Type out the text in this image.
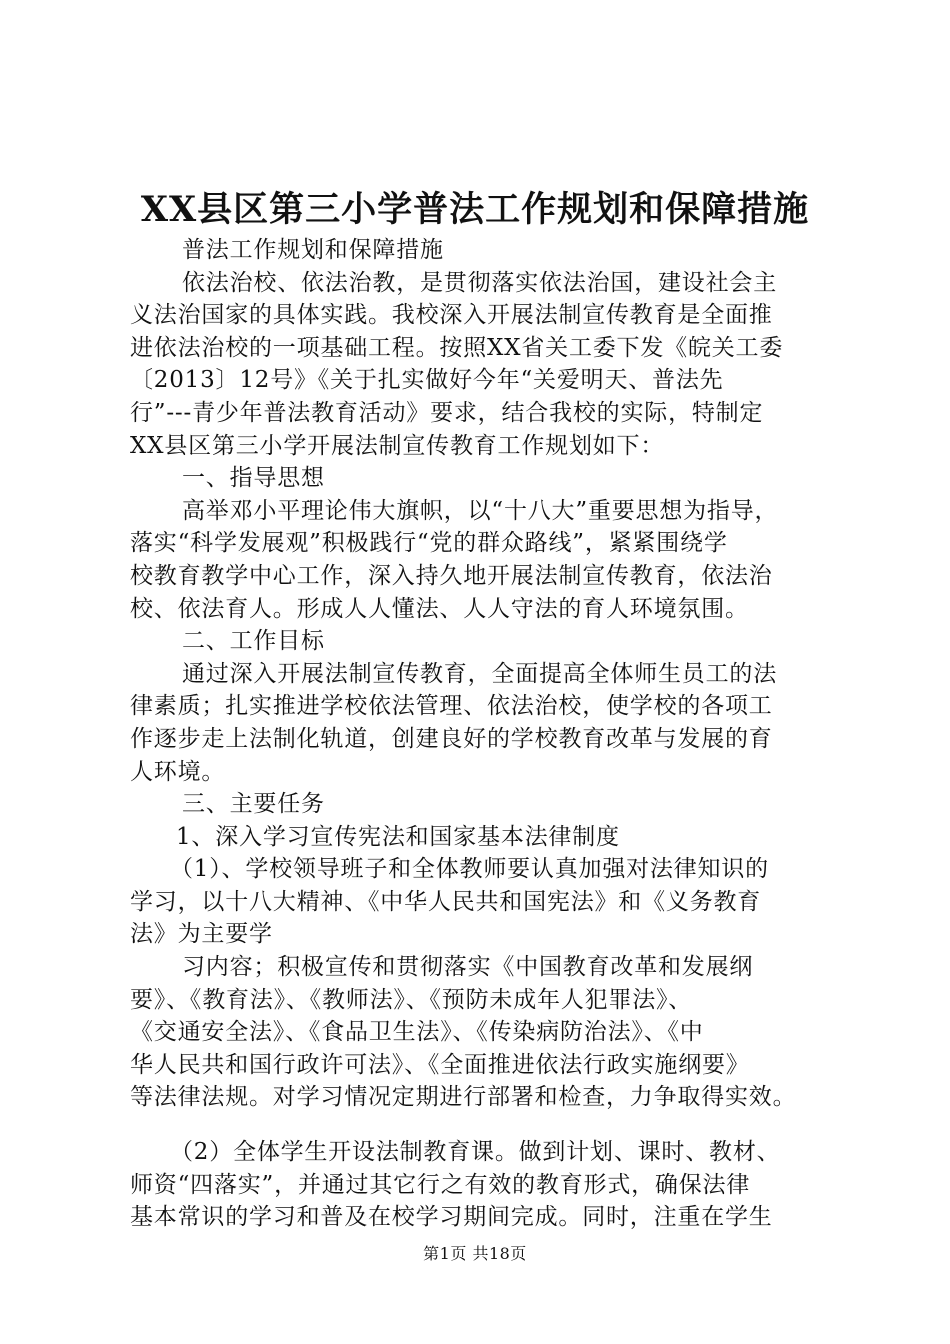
XX县区第三小学普法工作规划和保障措施
普法工作规划和保障措施
依法治校、依法治教，是贯彻落实依法治国，建设社会主
义法治国家的具体实践。我校深入开展法制宣传教育是全面推
进依法治校的一项基础工程。按照XX省关工委下发《皖关工委
〔2013〕12号》《关于扎实做好今年“关爱明天、普法先
行”---青少年普法教育活动》要求，结合我校的实际，特制定
XX县区第三小学开展法制宣传教育工作规划如下：
一、指导思想
高举邓小平理论伟大旗帜，以“十八大”重要思想为指导，
落实“科学发展观”积极践行“党的群众路线”，紧紧围绕学
校教育教学中心工作，深入持久地开展法制宣传教育，依法治
校、依法育人。形成人人懂法、人人守法的育人环境氛围。
二、工作目标
通过深入开展法制宣传教育，全面提高全体师生员工的法
律素质；扎实推进学校依法管理、依法治校，使学校的各项工
作逐步走上法制化轨道，创建良好的学校教育改革与发展的育
人环境。
三、主要任务
1、深入学习宣传宪法和国家基本法律制度
（1）、学校领导班子和全体教师要认真加强对法律知识的
学习，以十八大精神、《中华人民共和国宪法》和《义务教育
法》为主要学
习内容；积极宣传和贯彻落实《中国教育改革和发展纲
要》、《教育法》、《教师法》、《预防未成年人犯罪法》、
《交通安全法》、《食品卫生法》、《传染病防治法》、《中
华人民共和国行政许可法》、《全面推进依法行政实施纲要》
等法律法规。对学习情况定期进行部署和检查，力争取得实效。
（2）全体学生开设法制教育课。做到计划、课时、教材、
师资“四落实”，并通过其它行之有效的教育形式，确保法律
基本常识的学习和普及在校学习期间完成。同时，注重在学生
第1页 共18页
